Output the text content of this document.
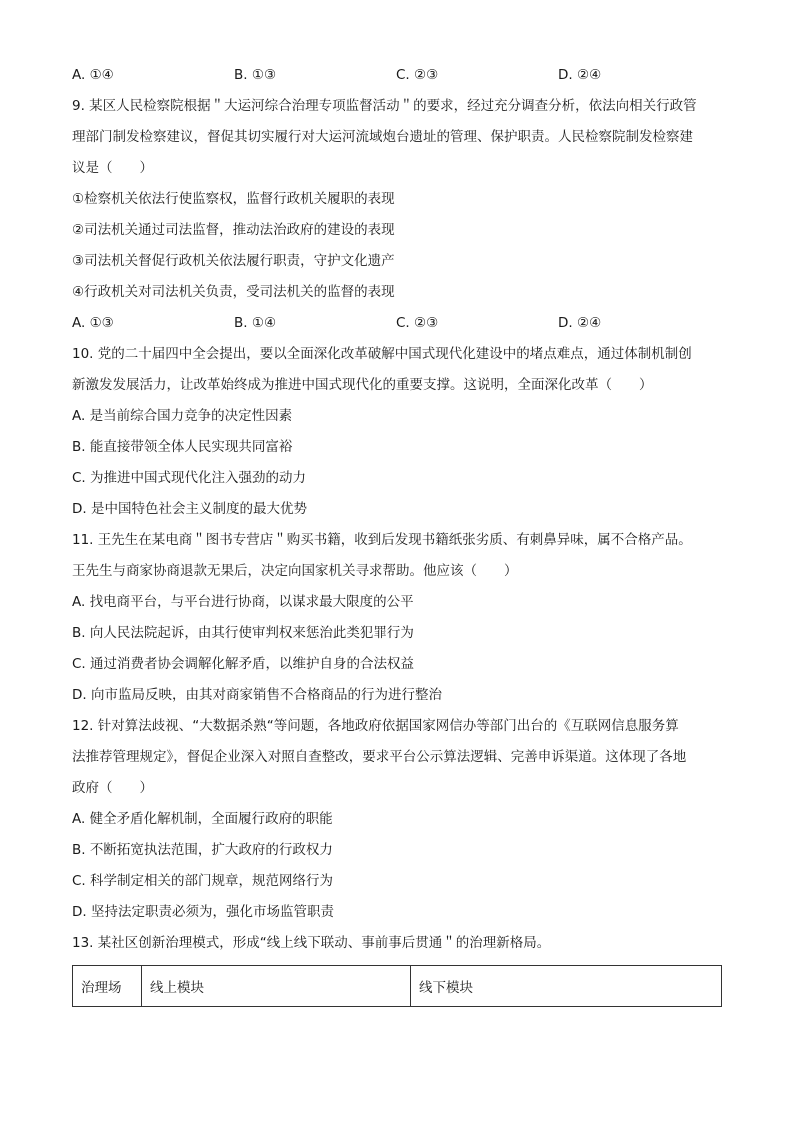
A. ①④	B. ①③	C. ②③	D. ②④
9. 某区人民检察院根据＂大运河综合治理专项监督活动＂的要求，经过充分调查分析，依法向相关行政管
理部门制发检察建议，督促其切实履行对大运河流域炮台遗址的管理、保护职责。人民检察院制发检察建
议是（　　）
①检察机关依法行使监察权，监督行政机关履职的表现
②司法机关通过司法监督，推动法治政府的建设的表现
③司法机关督促行政机关依法履行职责，守护文化遗产
④行政机关对司法机关负责，受司法机关的监督的表现
A. ①③	B. ①④	C. ②③	D. ②④
10. 党的二十届四中全会提出，要以全面深化改革破解中国式现代化建设中的堵点难点，通过体制机制创
新激发发展活力，让改革始终成为推进中国式现代化的重要支撑。这说明，全面深化改革（　　）
A. 是当前综合国力竞争的决定性因素
B. 能直接带领全体人民实现共同富裕
C. 为推进中国式现代化注入强劲的动力
D. 是中国特色社会主义制度的最大优势
11. 王先生在某电商＂图书专营店＂购买书籍，收到后发现书籍纸张劣质、有刺鼻异味，属不合格产品。
王先生与商家协商退款无果后，决定向国家机关寻求帮助。他应该（　　）
A. 找电商平台，与平台进行协商，以谋求最大限度的公平
B. 向人民法院起诉，由其行使审判权来惩治此类犯罪行为
C. 通过消费者协会调解化解矛盾，以维护自身的合法权益
D. 向市监局反映，由其对商家销售不合格商品的行为进行整治
12. 针对算法歧视、“大数据杀熟“等问题，各地政府依据国家网信办等部门出台的《互联网信息服务算
法推荐管理规定》，督促企业深入对照自查整改，要求平台公示算法逻辑、完善申诉渠道。这体现了各地
政府（　　）
A. 健全矛盾化解机制，全面履行政府的职能
B. 不断拓宽执法范围，扩大政府的行政权力
C. 科学制定相关的部门规章，规范网络行为
D. 坚持法定职责必须为，强化市场监管职责
13. 某社区创新治理模式，形成“线上线下联动、事前事后贯通＂的治理新格局。
治理场	线上模块	线下模块
